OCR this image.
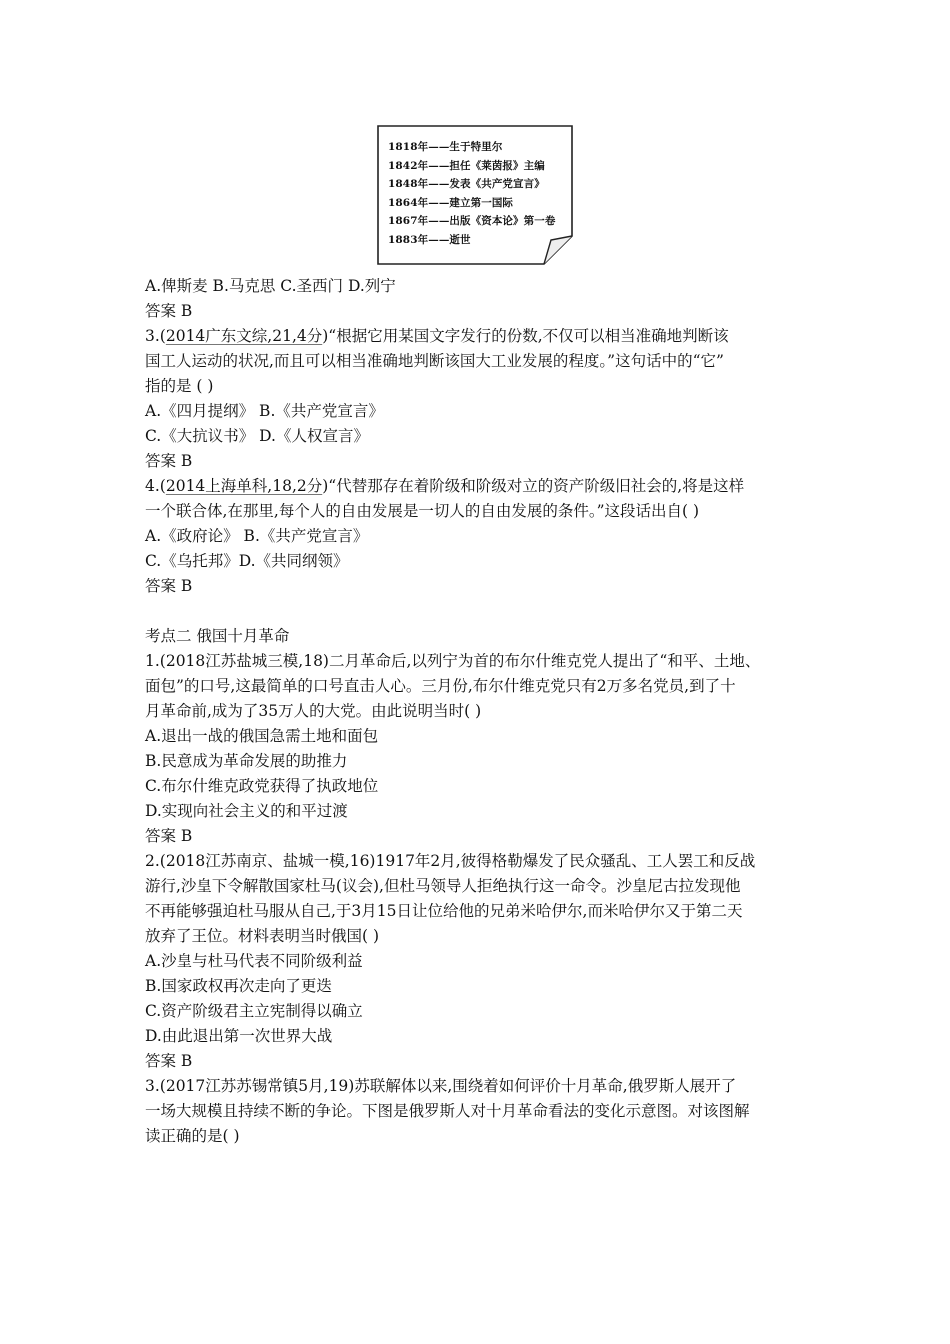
1818年——生于特里尔
1842年——担任《莱茵报》主编
1848年——发表《共产党宣言》
1864年——建立第一国际
1867年——出版《资本论》第一卷
1883年——逝世
A.俾斯麦 B.马克思 C.圣西门 D.列宁
答案 B
3.(2014广东文综,21,4分)“根据它用某国文字发行的份数,不仅可以相当准确地判断该
国工人运动的状况,而且可以相当准确地判断该国大工业发展的程度。”这句话中的“它”
指的是 ( )
A.《四月提纲》 B.《共产党宣言》
C.《大抗议书》 D.《人权宣言》
答案 B
4.(2014上海单科,18,2分)“代替那存在着阶级和阶级对立的资产阶级旧社会的,将是这样
一个联合体,在那里,每个人的自由发展是一切人的自由发展的条件。”这段话出自( )
A.《政府论》 B.《共产党宣言》
C.《乌托邦》D.《共同纲领》
答案 B
考点二 俄国十月革命
1.(2018江苏盐城三模,18)二月革命后,以列宁为首的布尔什维克党人提出了“和平、土地、
面包”的口号,这最简单的口号直击人心。三月份,布尔什维克党只有2万多名党员,到了十
月革命前,成为了35万人的大党。由此说明当时( )
A.退出一战的俄国急需土地和面包
B.民意成为革命发展的助推力
C.布尔什维克政党获得了执政地位
D.实现向社会主义的和平过渡
答案 B
2.(2018江苏南京、盐城一模,16)1917年2月,彼得格勒爆发了民众骚乱、工人罢工和反战
游行,沙皇下令解散国家杜马(议会),但杜马领导人拒绝执行这一命令。沙皇尼古拉发现他
不再能够强迫杜马服从自己,于3月15日让位给他的兄弟米哈伊尔,而米哈伊尔又于第二天
放弃了王位。材料表明当时俄国( )
A.沙皇与杜马代表不同阶级利益
B.国家政权再次走向了更迭
C.资产阶级君主立宪制得以确立
D.由此退出第一次世界大战
答案 B
3.(2017江苏苏锡常镇5月,19)苏联解体以来,围绕着如何评价十月革命,俄罗斯人展开了
一场大规模且持续不断的争论。下图是俄罗斯人对十月革命看法的变化示意图。对该图解
读正确的是( )
